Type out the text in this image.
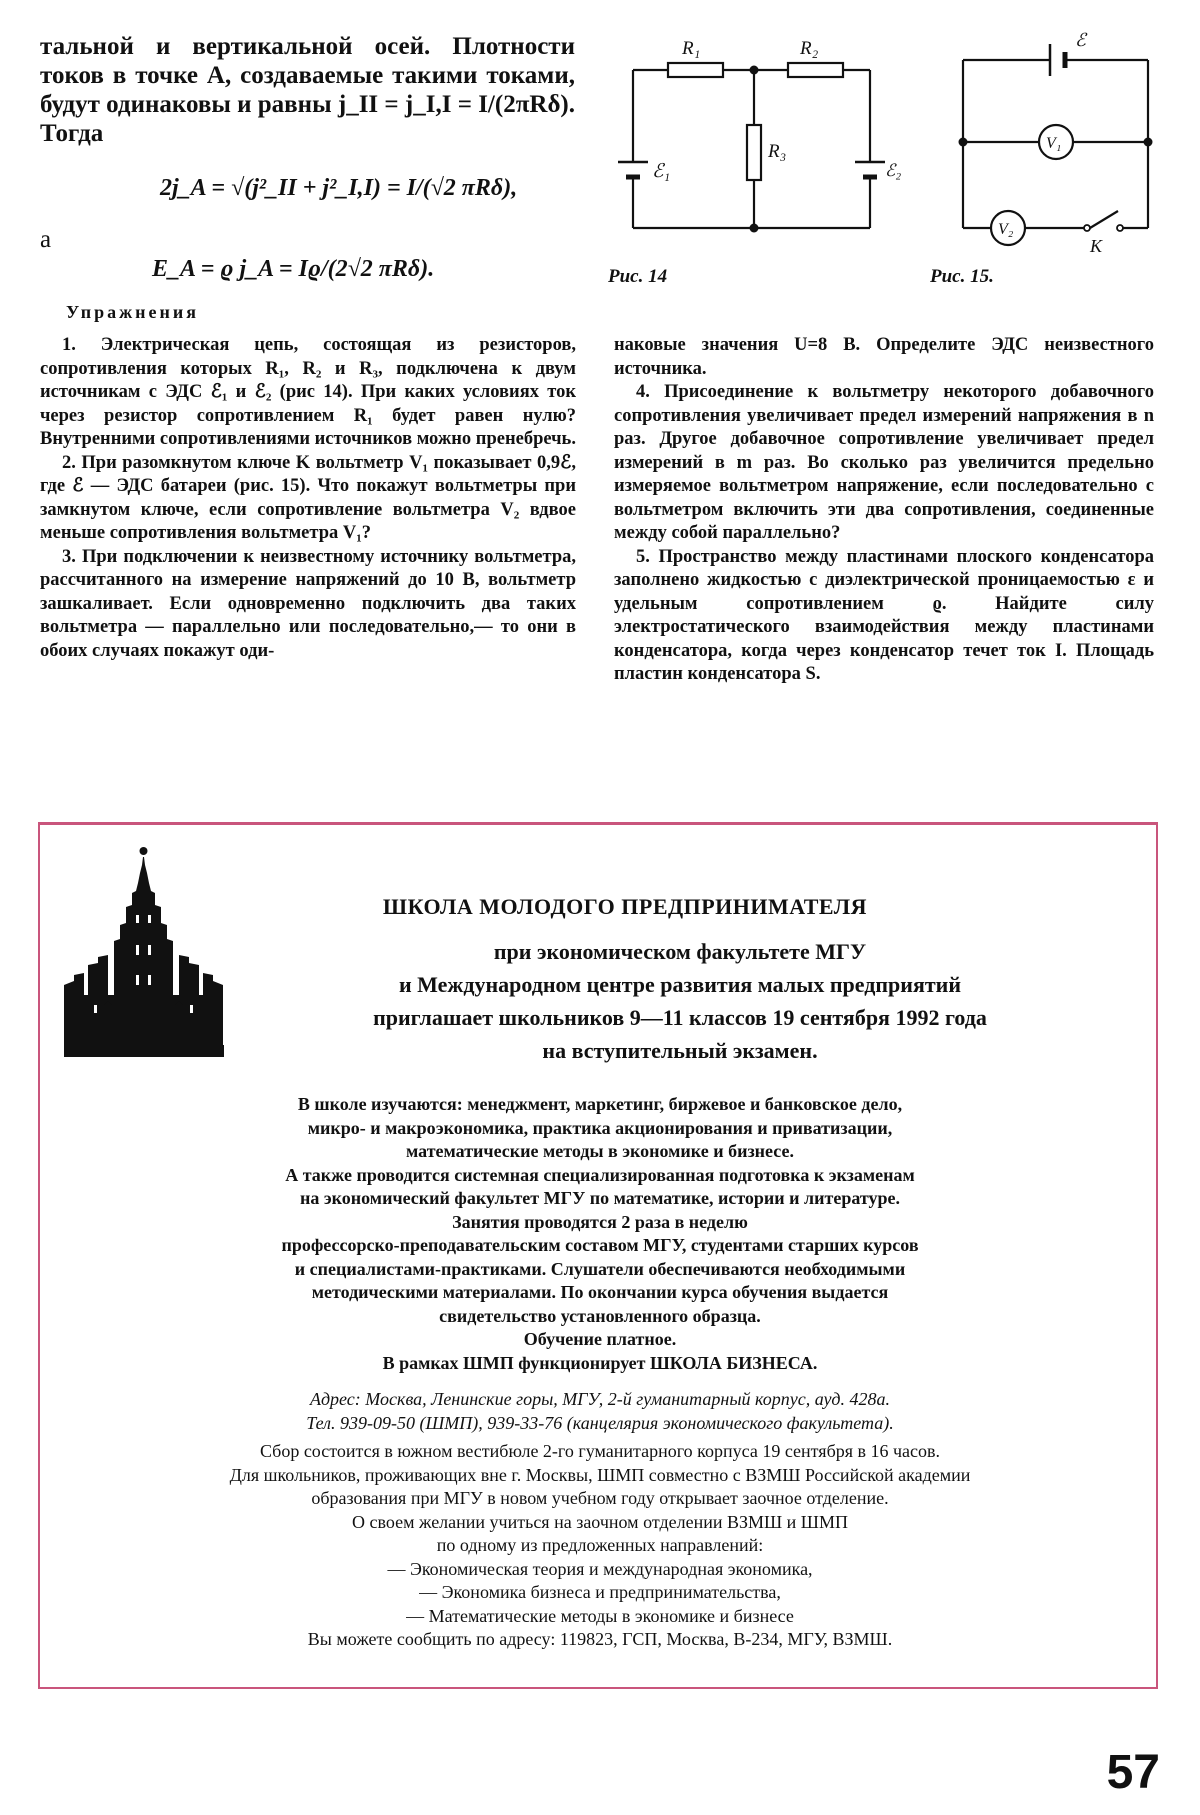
тальной и вертикальной осей. Плотности токов в точке A, создаваемые такими токами, будут одинаковы и равны j_II = j_I,I = I/(2πRδ). Тогда
2j_A = √(j²_II + j²_I,I) = I/(√2 πRδ),
а
E_A = ϱ j_A = Iϱ/(2√2 πRδ).
Упражнения

1. Электрическая цепь, состоящая из резисторов, сопротивления которых R₁, R₂ и R₃, подключена к двум источникам с ЭДС ℰ₁ и ℰ₂ (рис 14). При каких условиях ток через резистор сопротивлением R₁ будет равен нулю? Внутренними сопротивлениями источников можно пренебречь.

2. При разомкнутом ключе K вольтметр V₁ показывает 0,9ℰ, где ℰ — ЭДС батареи (рис. 15). Что покажут вольтметры при замкнутом ключе, если сопротивление вольтметра V₂ вдвое меньше сопротивления вольтметра V₁?

3. При подключении к неизвестному источнику вольтметра, рассчитанного на измерение напряжений до 10 В, вольтметр зашкаливает. Если одновременно подключить два таких вольтметра — параллельно или последовательно,— то они в обоих случаях покажут оди-

R₁	R₂
R₃
ℰ₁	ℰ₂
Рис. 14
ℰ
V₁
V₂
K
Рис. 15.

наковые значения U=8 В. Определите ЭДС неизвестного источника.

4. Присоединение к вольтметру некоторого добавочного сопротивления увеличивает предел измерений напряжения в n раз. Другое добавочное сопротивление увеличивает предел измерений в m раз. Во сколько раз увеличится предельно измеряемое вольтметром напряжение, если последовательно с вольтметром включить эти два сопротивления, соединенные между собой параллельно?

5. Пространство между пластинами плоского конденсатора заполнено жидкостью с диэлектрической проницаемостью ε и удельным сопротивлением ϱ. Найдите силу электростатического взаимодействия между пластинами конденсатора, когда через конденсатор течет ток I. Площадь пластин конденсатора S.

ШКОЛА МОЛОДОГО ПРЕДПРИНИМАТЕЛЯ
при экономическом факультете МГУ
и Международном центре развития малых предприятий
приглашает школьников 9—11 классов 19 сентября 1992 года
на вступительный экзамен.
В школе изучаются: менеджмент, маркетинг, биржевое и банковское дело,
микро- и макроэкономика, практика акционирования и приватизации,
математические методы в экономике и бизнесе.
А также проводится системная специализированная подготовка к экзаменам
на экономический факультет МГУ по математике, истории и литературе.
Занятия проводятся 2 раза в неделю
профессорско-преподавательским составом МГУ, студентами старших курсов
и специалистами-практиками. Слушатели обеспечиваются необходимыми
методическими материалами. По окончании курса обучения выдается
свидетельство установленного образца.
Обучение платное.
В рамках ШМП функционирует ШКОЛА БИЗНЕСА.
Адрес: Москва, Ленинские горы, МГУ, 2-й гуманитарный корпус, ауд. 428а.
Тел. 939-09-50 (ШМП), 939-33-76 (канцелярия экономического факультета).
Сбор состоится в южном вестибюле 2-го гуманитарного корпуса 19 сентября в 16 часов.
Для школьников, проживающих вне г. Москвы, ШМП совместно с ВЗМШ Российской академии
образования при МГУ в новом учебном году открывает заочное отделение.
О своем желании учиться на заочном отделении ВЗМШ и ШМП
по одному из предложенных направлений:
— Экономическая теория и международная экономика,
— Экономика бизнеса и предпринимательства,
— Математические методы в экономике и бизнесе
Вы можете сообщить по адресу: 119823, ГСП, Москва, В-234, МГУ, ВЗМШ.
57
